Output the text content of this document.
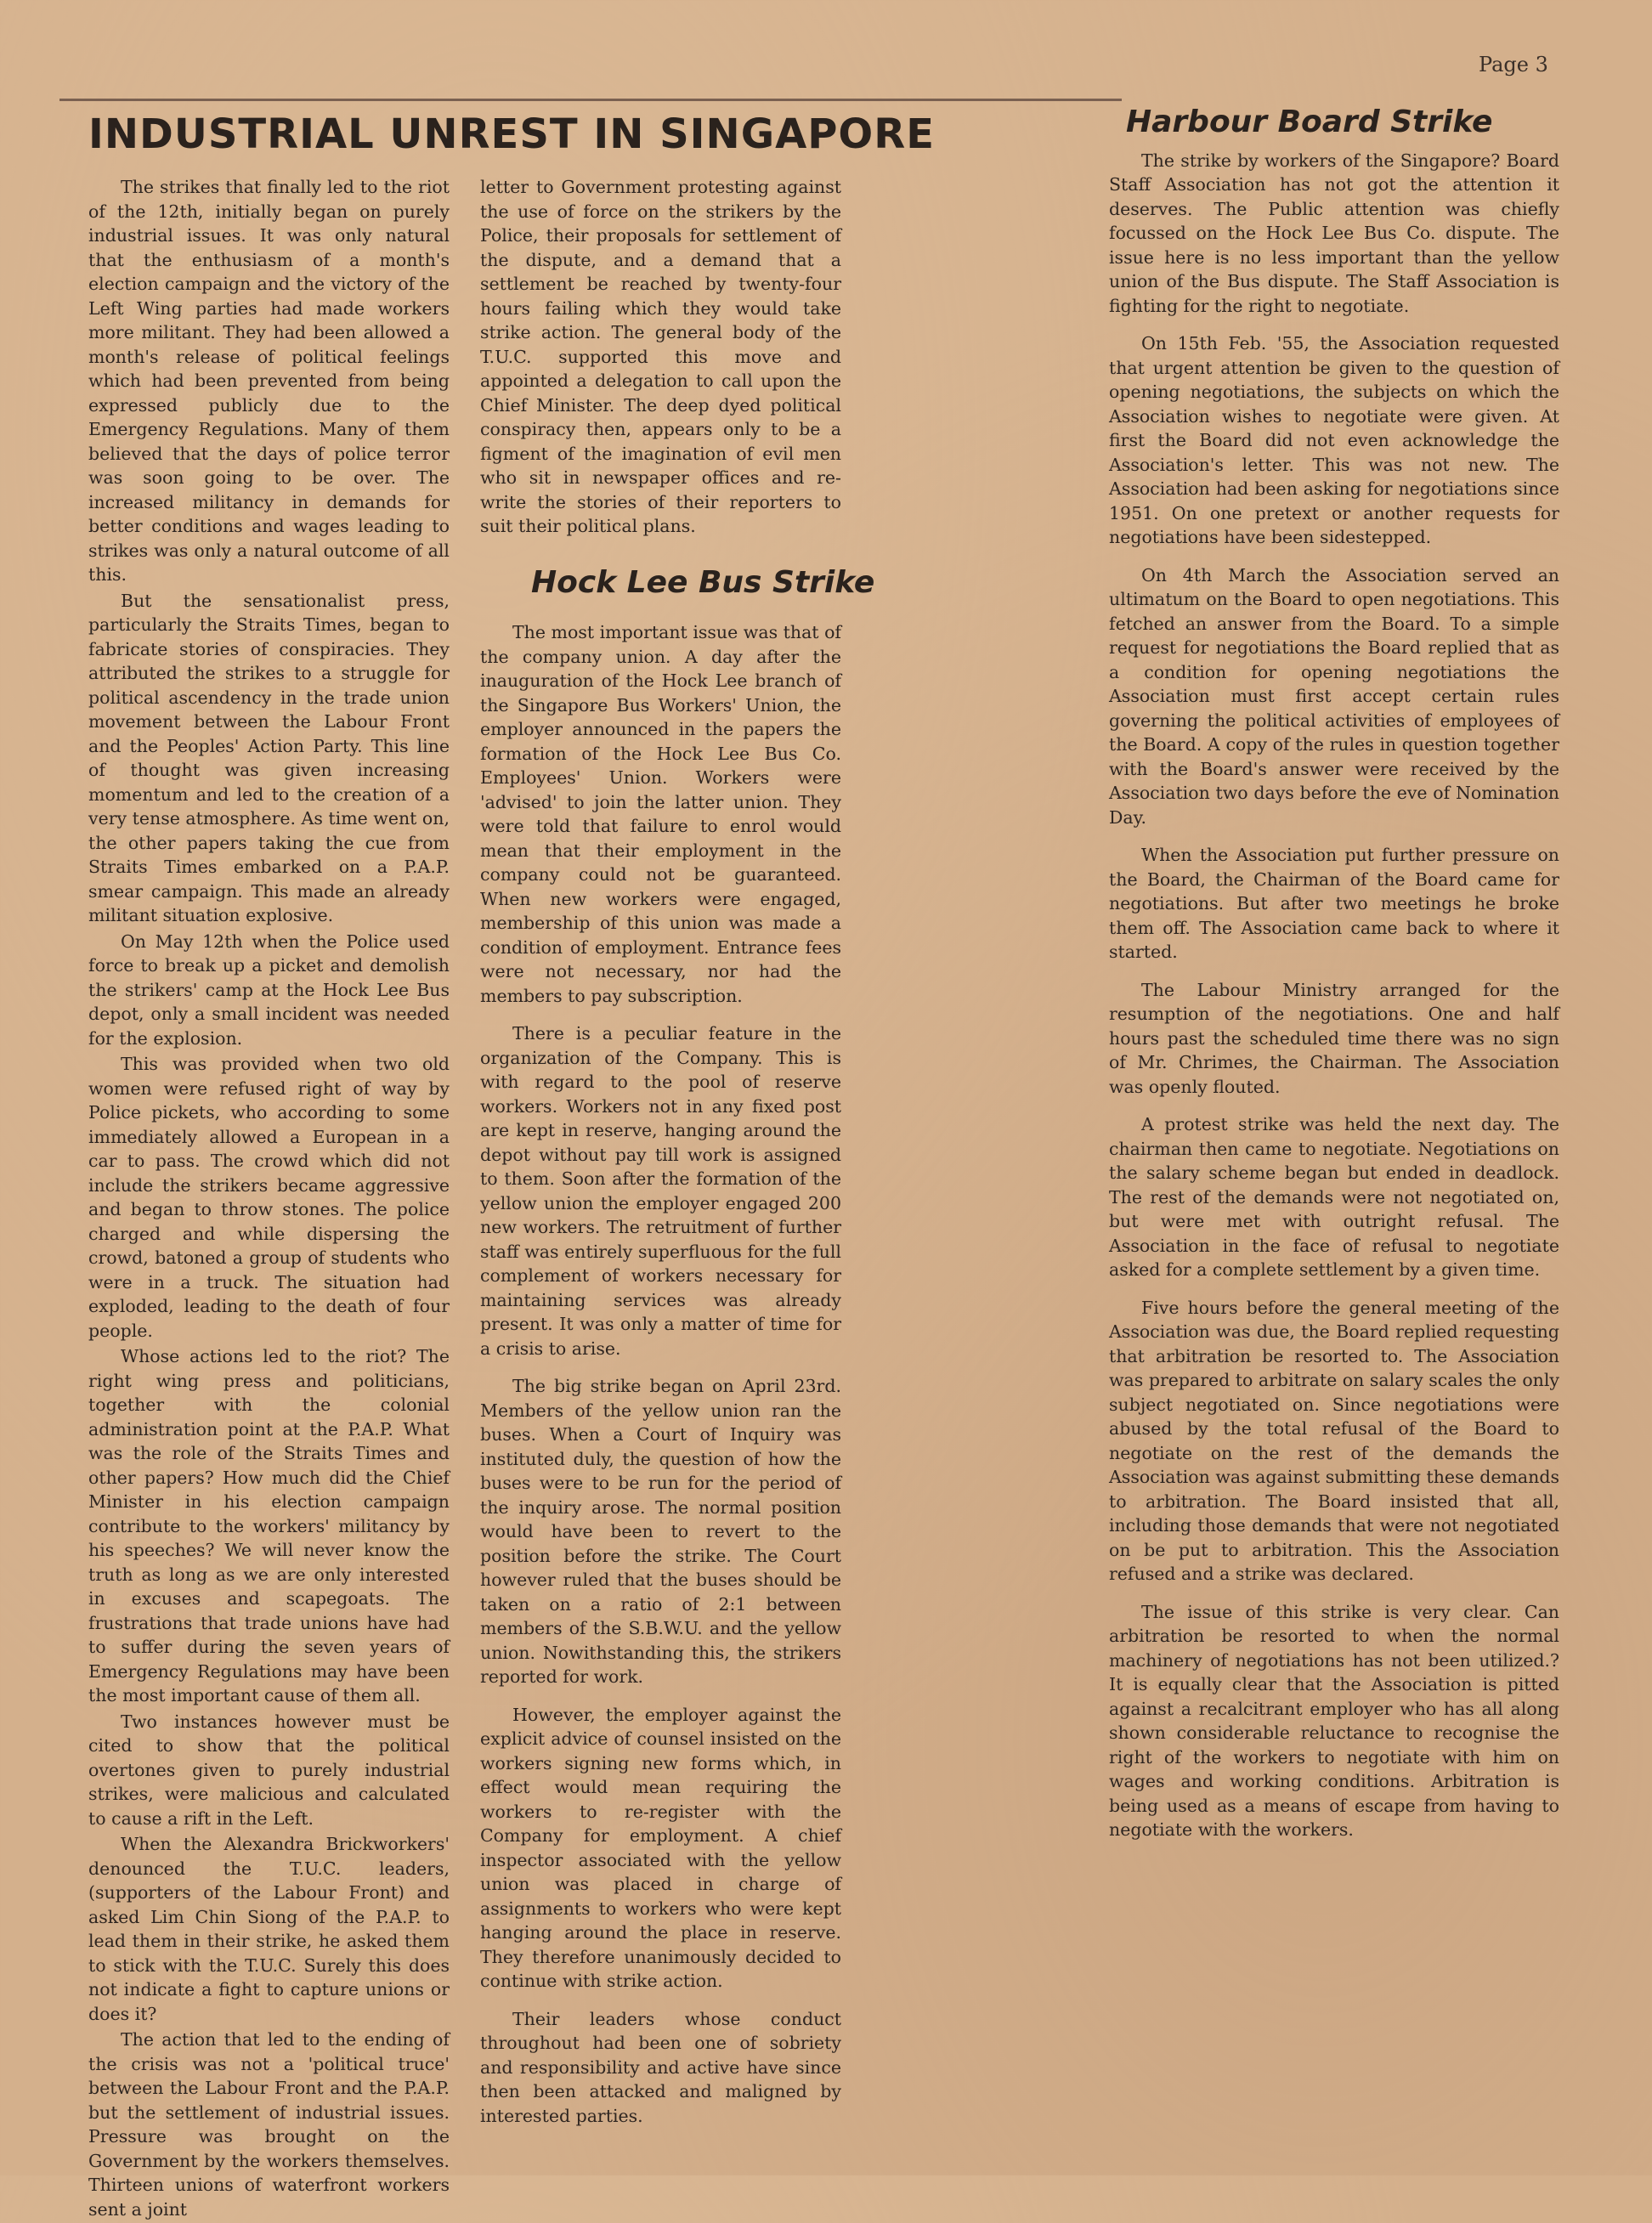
Page 3
INDUSTRIAL UNREST IN SINGAPORE

The strikes that finally led to the riot of the 12th, initially began on purely industrial issues. It was only natural that the enthusiasm of a month's election campaign and the victory of the Left Wing parties had made workers more militant. They had been allowed a month's release of political feelings which had been prevented from being expressed publicly due to the Emergency Regulations. Many of them believed that the days of police terror was soon going to be over. The increased militancy in demands for better conditions and wages leading to strikes was only a natural outcome of all this.

But the sensationalist press, particularly the Straits Times, began to fabricate stories of conspiracies. They attributed the strikes to a struggle for political ascendency in the trade union movement between the Labour Front and the Peoples' Action Party. This line of thought was given increasing momentum and led to the creation of a very tense atmosphere. As time went on, the other papers taking the cue from Straits Times embarked on a P.A.P. smear campaign. This made an already militant situation explosive.

On May 12th when the Police used force to break up a picket and demolish the strikers' camp at the Hock Lee Bus depot, only a small incident was needed for the explosion.

This was provided when two old women were refused right of way by Police pickets, who according to some immediately allowed a European in a car to pass. The crowd which did not include the strikers became aggressive and began to throw stones. The police charged and while dispersing the crowd, batoned a group of students who were in a truck. The situation had exploded, leading to the death of four people.

Whose actions led to the riot? The right wing press and politicians, together with the colonial administration point at the P.A.P. What was the role of the Straits Times and other papers? How much did the Chief Minister in his election campaign contribute to the workers' militancy by his speeches? We will never know the truth as long as we are only interested in excuses and scapegoats. The frustrations that trade unions have had to suffer during the seven years of Emergency Regulations may have been the most important cause of them all.

Two instances however must be cited to show that the political overtones given to purely industrial strikes, were malicious and calculated to cause a rift in the Left.

When the Alexandra Brickworkers' denounced the T.U.C. leaders, (supporters of the Labour Front) and asked Lim Chin Siong of the P.A.P. to lead them in their strike, he asked them to stick with the T.U.C. Surely this does not indicate a fight to capture unions or does it?

The action that led to the ending of the crisis was not a 'political truce' between the Labour Front and the P.A.P. but the settlement of industrial issues. Pressure was brought on the Government by the workers themselves. Thirteen unions of waterfront workers sent a joint

letter to Government protesting against the use of force on the strikers by the Police, their proposals for settlement of the dispute, and a demand that a settlement be reached by twenty-four hours failing which they would take strike action. The general body of the T.U.C. supported this move and appointed a delegation to call upon the Chief Minister. The deep dyed political conspiracy then, appears only to be a figment of the imagination of evil men who sit in newspaper offices and re-write the stories of their reporters to suit their political plans.

Hock Lee Bus Strike

The most important issue was that of the company union. A day after the inauguration of the Hock Lee branch of the Singapore Bus Workers' Union, the employer announced in the papers the formation of the Hock Lee Bus Co. Employees' Union. Workers were 'advised' to join the latter union. They were told that failure to enrol would mean that their employment in the company could not be guaranteed. When new workers were engaged, membership of this union was made a condition of employment. Entrance fees were not necessary, nor had the members to pay subscription.

There is a peculiar feature in the organization of the Company. This is with regard to the pool of reserve workers. Workers not in any fixed post are kept in reserve, hanging around the depot without pay till work is assigned to them. Soon after the formation of the yellow union the employer engaged 200 new workers. The retruitment of further staff was entirely superfluous for the full complement of workers necessary for maintaining services was already present. It was only a matter of time for a crisis to arise.

The big strike began on April 23rd. Members of the yellow union ran the buses. When a Court of Inquiry was instituted duly, the question of how the buses were to be run for the period of the inquiry arose. The normal position would have been to revert to the position before the strike. The Court however ruled that the buses should be taken on a ratio of 2:1 between members of the S.B.W.U. and the yellow union. Nowithstanding this, the strikers reported for work.

However, the employer against the explicit advice of counsel insisted on the workers signing new forms which, in effect would mean requiring the workers to re-register with the Company for employment. A chief inspector associated with the yellow union was placed in charge of assignments to workers who were kept hanging around the place in reserve. They therefore unanimously decided to continue with strike action.

Their leaders whose conduct throughout had been one of sobriety and responsibility and active have since then been attacked and maligned by interested parties.

Harbour Board Strike

The strike by workers of the Singapore? Board Staff Association has not got the attention it deserves. The Public attention was chiefly focussed on the Hock Lee Bus Co. dispute. The issue here is no less important than the yellow union of the Bus dispute. The Staff Association is fighting for the right to negotiate.

On 15th Feb. '55, the Association requested that urgent attention be given to the question of opening negotiations, the subjects on which the Association wishes to negotiate were given. At first the Board did not even acknowledge the Association's letter. This was not new. The Association had been asking for negotiations since 1951. On one pretext or another requests for negotiations have been sidestepped.

On 4th March the Association served an ultimatum on the Board to open negotiations. This fetched an answer from the Board. To a simple request for negotiations the Board replied that as a condition for opening negotiations the Association must first accept certain rules governing the political activities of employees of the Board. A copy of the rules in question together with the Board's answer were received by the Association two days before the eve of Nomination Day.

When the Association put further pressure on the Board, the Chairman of the Board came for negotiations. But after two meetings he broke them off. The Association came back to where it started.

The Labour Ministry arranged for the resumption of the negotiations. One and half hours past the scheduled time there was no sign of Mr. Chrimes, the Chairman. The Association was openly flouted.

A protest strike was held the next day. The chairman then came to negotiate. Negotiations on the salary scheme began but ended in deadlock. The rest of the demands were not negotiated on, but were met with outright refusal. The Association in the face of refusal to negotiate asked for a complete settlement by a given time.

Five hours before the general meeting of the Association was due, the Board replied requesting that arbitration be resorted to. The Association was prepared to arbitrate on salary scales the only subject negotiated on. Since negotiations were abused by the total refusal of the Board to negotiate on the rest of the demands the Association was against submitting these demands to arbitration. The Board insisted that all, including those demands that were not negotiated on be put to arbitration. This the Association refused and a strike was declared.

The issue of this strike is very clear. Can arbitration be resorted to when the normal machinery of negotiations has not been utilized.? It is equally clear that the Association is pitted against a recalcitrant employer who has all along shown considerable reluctance to recognise the right of the workers to negotiate with him on wages and working conditions. Arbitration is being used as a means of escape from having to negotiate with the workers.
